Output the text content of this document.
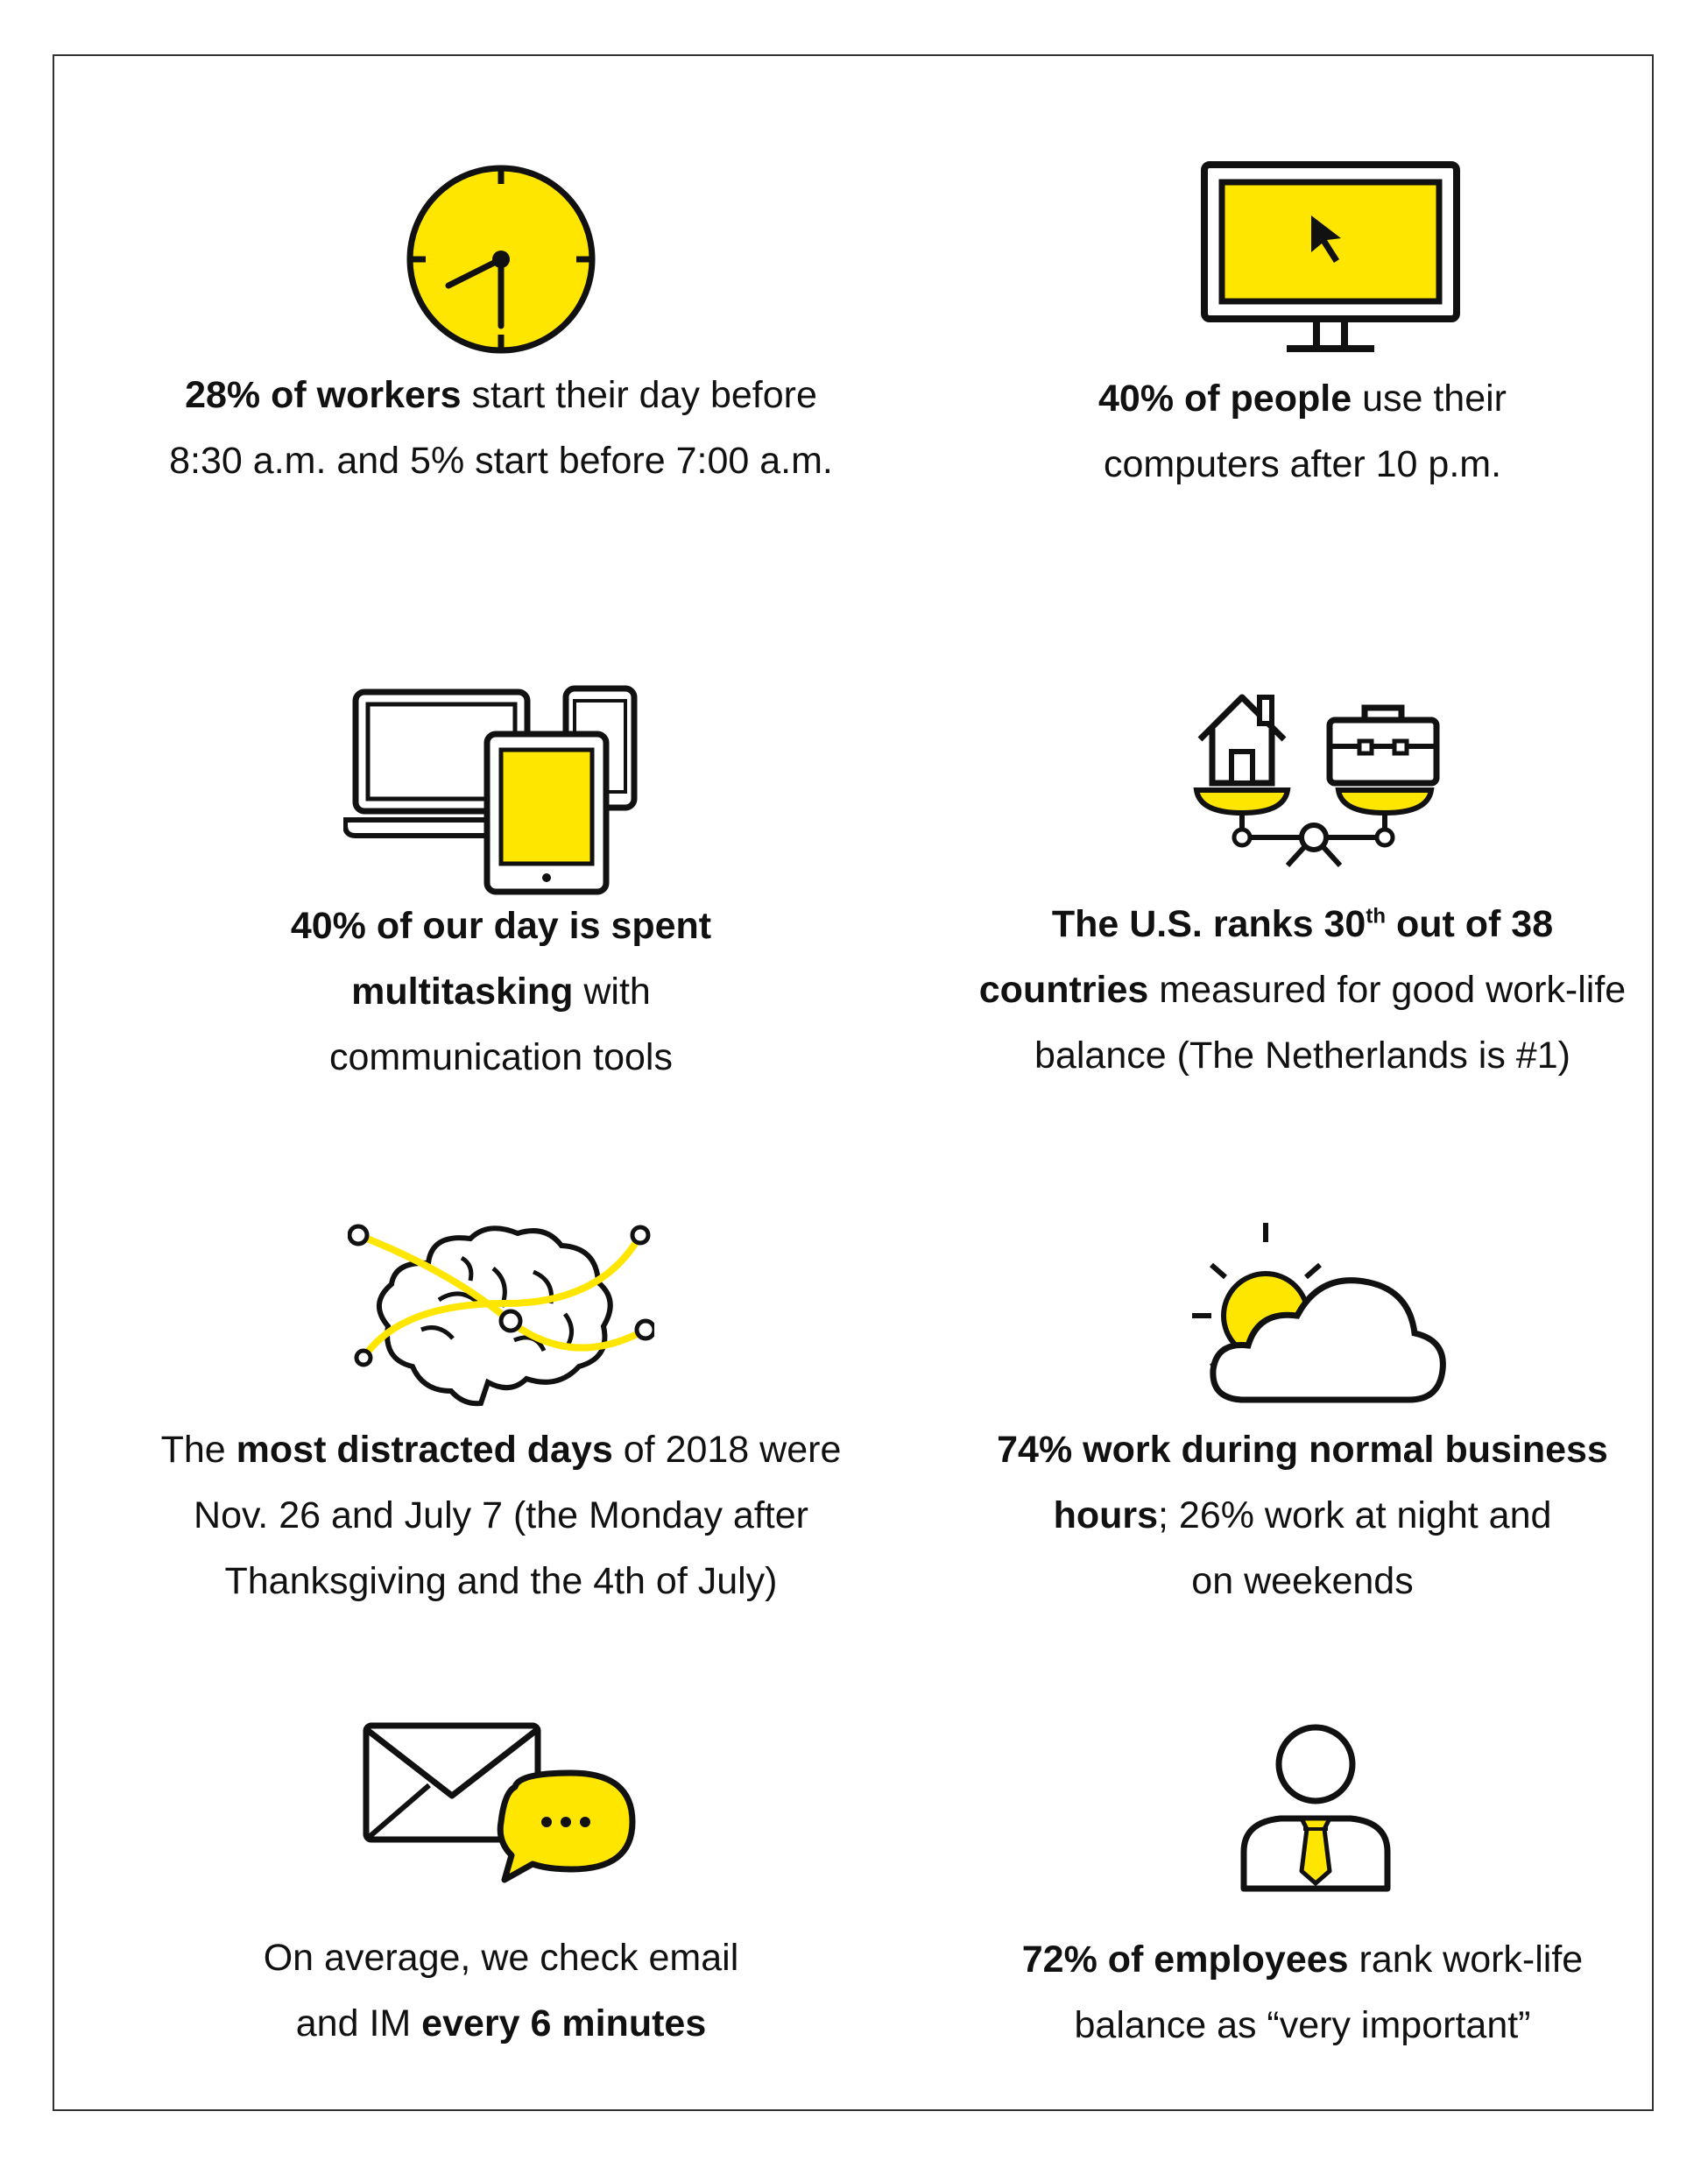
28% of workers start their day before
8:30 a.m. and 5% start before 7:00 a.m.
40% of people use their
computers after 10 p.m.
40% of our day is spent
multitasking with
communication tools
The U.S. ranks 30th out of 38
countries measured for good work-life
balance (The Netherlands is #1)
The most distracted days of 2018 were
Nov. 26 and July 7 (the Monday after
Thanksgiving and the 4th of July)
74% work during normal business
hours; 26% work at night and
on weekends
On average, we check email
and IM every 6 minutes
72% of employees rank work-life
balance as “very important”
